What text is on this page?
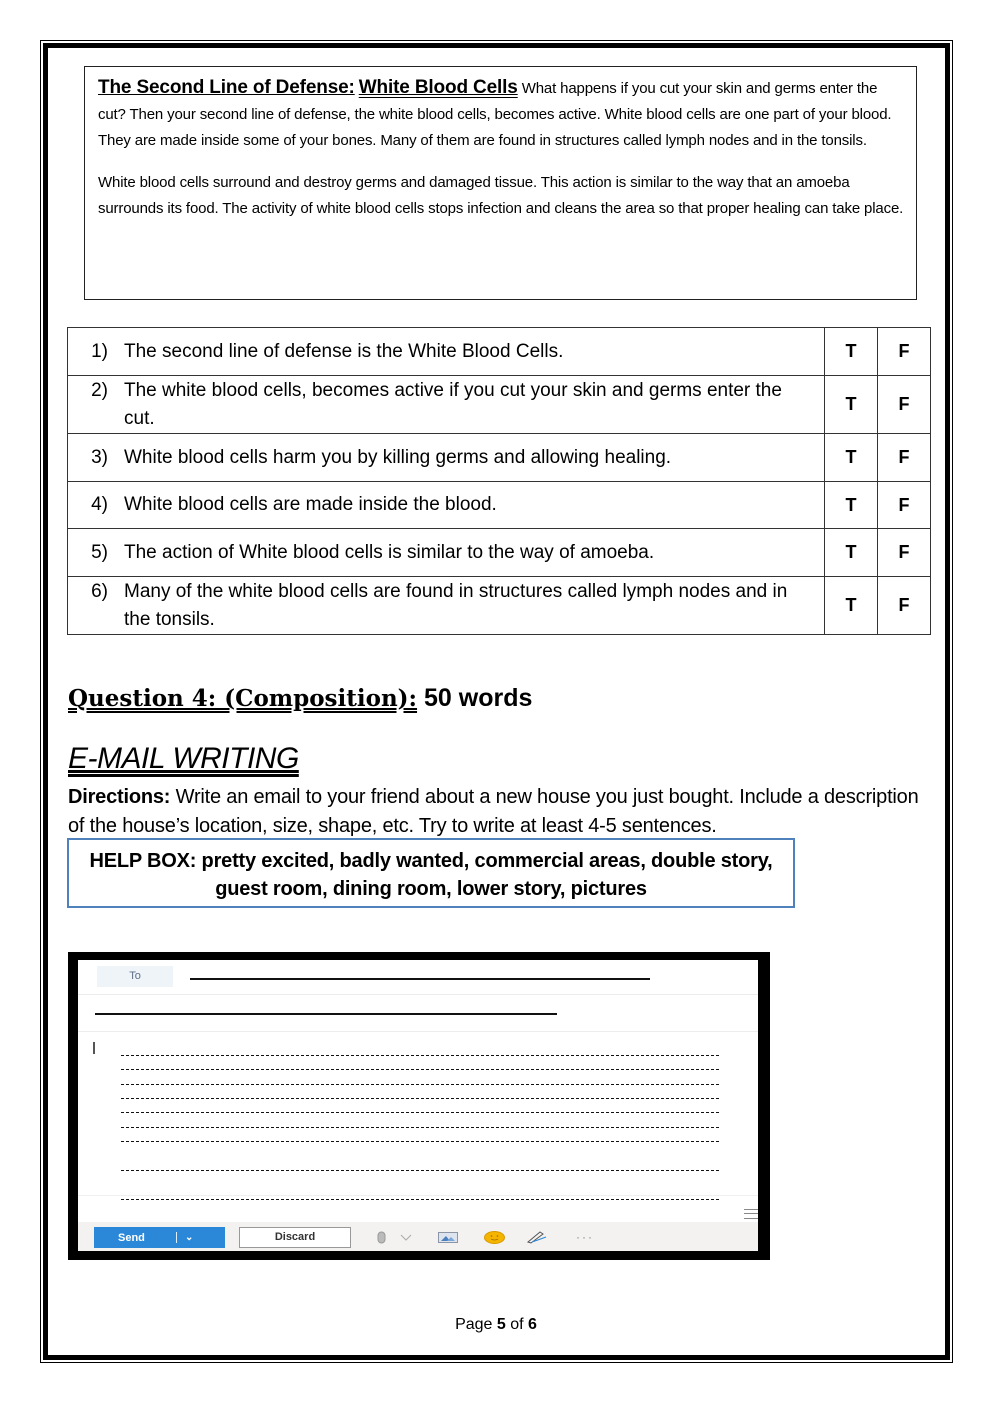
The Second Line of Defense: White Blood Cells What happens if you cut your skin and germs enter the cut? Then your second line of defense, the white blood cells, becomes active. White blood cells are one part of your blood. They are made inside some of your bones. Many of them are found in structures called lymph nodes and in the tonsils.

White blood cells surround and destroy germs and damaged tissue. This action is similar to the way that an amoeba surrounds its food. The activity of white blood cells stops infection and cleans the area so that proper healing can take place.

1) The second line of defense is the White Blood Cells.	T	F

2) The white blood cells, becomes active if you cut your skin and germs enter the cut.	T	F

3) White blood cells harm you by killing germs and allowing healing.	T	F

4) White blood cells are made inside the blood.	T	F

5) The action of White blood cells is similar to the way of amoeba.	T	F

6) Many of the white blood cells are found in structures called lymph nodes and in the tonsils.	T	F
Question 4: (Composition): 50 words
E-MAIL WRITING
Directions: Write an email to your friend about a new house you just bought. Include a description of the house’s location, size, shape, etc. Try to write at least 4-5 sentences.
HELP BOX: pretty excited, badly wanted, commercial areas, double story, guest room, dining room, lower story, pictures
To
Send	⌄	Discard	···
Page 5 of 6
